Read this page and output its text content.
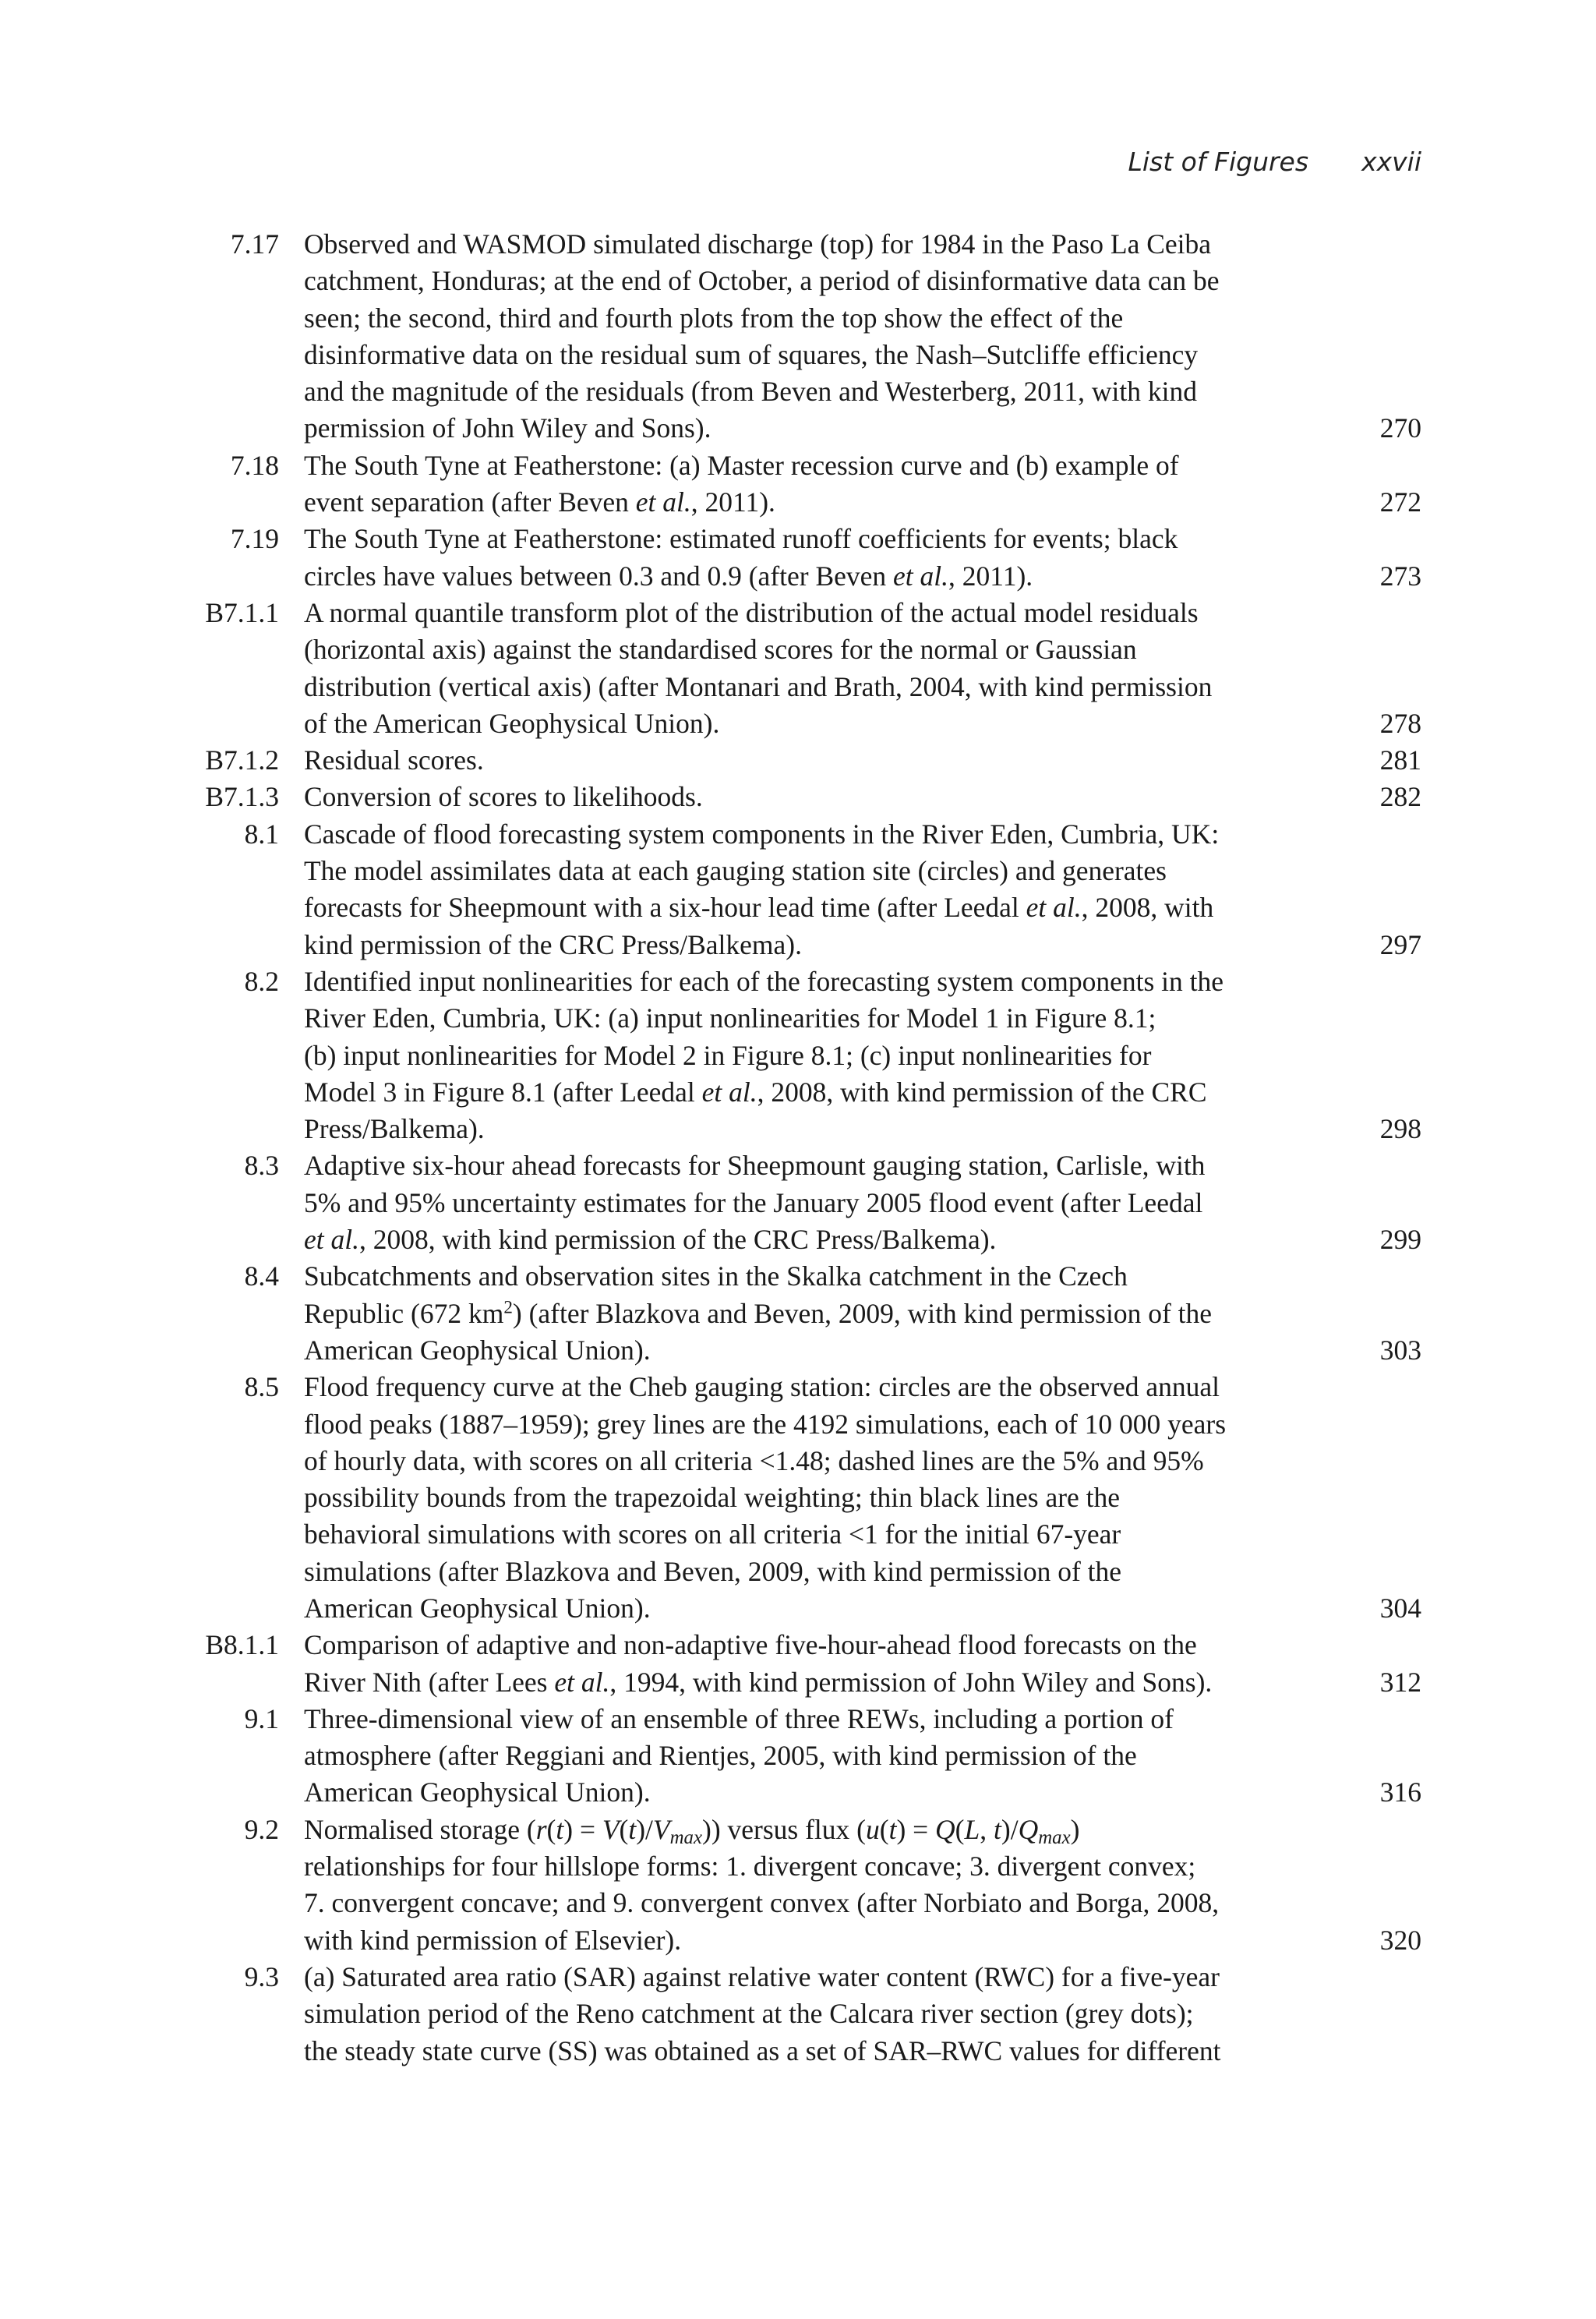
List of Figures xxvii
7.17 Observed and WASMOD simulated discharge (top) for 1984 in the Paso La Ceiba
catchment, Honduras; at the end of October, a period of disinformative data can be
seen; the second, third and fourth plots from the top show the effect of the
disinformative data on the residual sum of squares, the Nash–Sutcliffe efficiency
and the magnitude of the residuals (from Beven and Westerberg, 2011, with kind
permission of John Wiley and Sons).	270
7.18 The South Tyne at Featherstone: (a) Master recession curve and (b) example of
event separation (after Beven et al., 2011).	272
7.19 The South Tyne at Featherstone: estimated runoff coefficients for events; black
circles have values between 0.3 and 0.9 (after Beven et al., 2011).	273
B7.1.1 A normal quantile transform plot of the distribution of the actual model residuals
(horizontal axis) against the standardised scores for the normal or Gaussian
distribution (vertical axis) (after Montanari and Brath, 2004, with kind permission
of the American Geophysical Union).	278
B7.1.2 Residual scores.	281
B7.1.3 Conversion of scores to likelihoods.	282
8.1 Cascade of flood forecasting system components in the River Eden, Cumbria, UK:
The model assimilates data at each gauging station site (circles) and generates
forecasts for Sheepmount with a six-hour lead time (after Leedal et al., 2008, with
kind permission of the CRC Press/Balkema).	297
8.2 Identified input nonlinearities for each of the forecasting system components in the
River Eden, Cumbria, UK: (a) input nonlinearities for Model 1 in Figure 8.1;
(b) input nonlinearities for Model 2 in Figure 8.1; (c) input nonlinearities for
Model 3 in Figure 8.1 (after Leedal et al., 2008, with kind permission of the CRC
Press/Balkema).	298
8.3 Adaptive six-hour ahead forecasts for Sheepmount gauging station, Carlisle, with
5% and 95% uncertainty estimates for the January 2005 flood event (after Leedal
et al., 2008, with kind permission of the CRC Press/Balkema).	299
8.4 Subcatchments and observation sites in the Skalka catchment in the Czech
Republic (672 $km^2$) (after Blazkova and Beven, 2009, with kind permission of the
American Geophysical Union).	303
8.5 Flood frequency curve at the Cheb gauging station: circles are the observed annual
flood peaks (1887–1959); grey lines are the 4192 simulations, each of 10 000 years
of hourly data, with scores on all criteria <1.48; dashed lines are the 5% and 95%
possibility bounds from the trapezoidal weighting; thin black lines are the
behavioral simulations with scores on all criteria <1 for the initial 67-year
simulations (after Blazkova and Beven, 2009, with kind permission of the
American Geophysical Union).	304
B8.1.1 Comparison of adaptive and non-adaptive five-hour-ahead flood forecasts on the
River Nith (after Lees et al., 1994, with kind permission of John Wiley and Sons).	312
9.1 Three-dimensional view of an ensemble of three REWs, including a portion of
atmosphere (after Reggiani and Rientjes, 2005, with kind permission of the
American Geophysical Union).	316
9.2 Normalised storage $(r(t) = V(t)/V_{max})$) versus flux (u(t) = Q(L, $t)/Q_{max}$)
relationships for four hillslope forms: 1. divergent concave; 3. divergent convex;
7. convergent concave; and 9. convergent convex (after Norbiato and Borga, 2008,
with kind permission of Elsevier).	320
9.3 (a) Saturated area ratio (SAR) against relative water content (RWC) for a five-year
simulation period of the Reno catchment at the Calcara river section (grey dots);
the steady state curve (SS) was obtained as a set of SAR–RWC values for different
